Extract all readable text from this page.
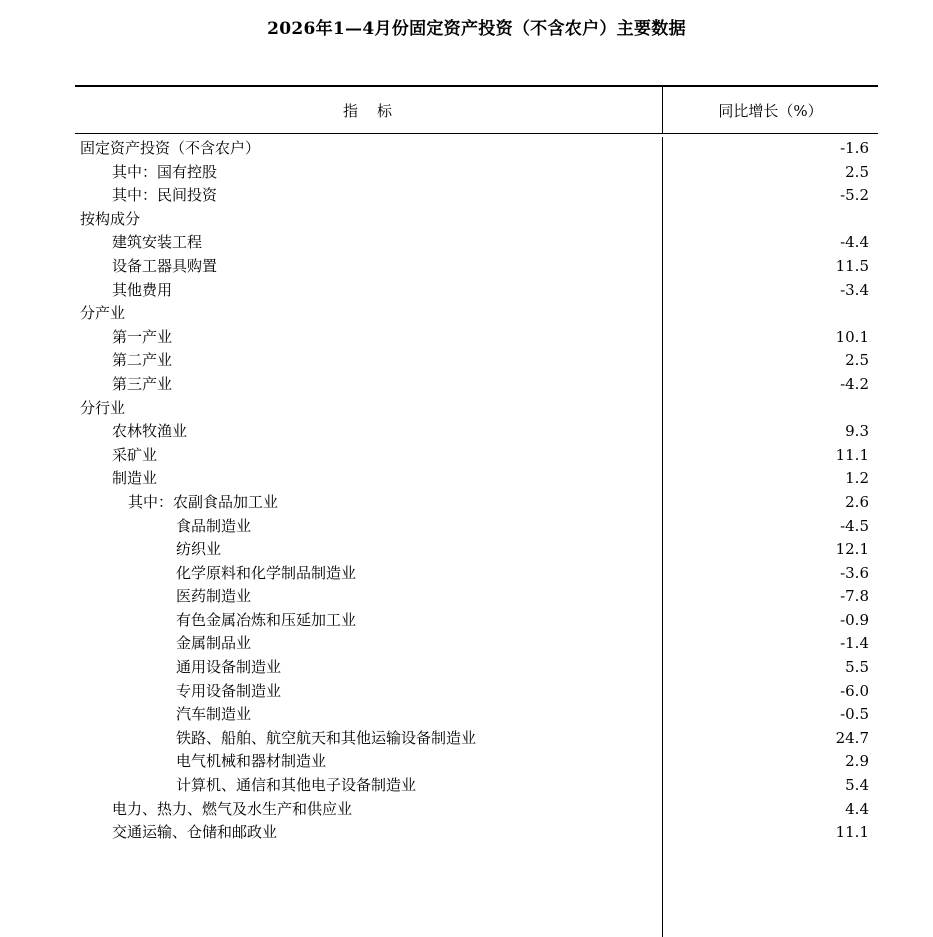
2026年1—4月份固定资产投资（不含农户）主要数据
指　标	同比增长（%）
固定资产投资（不含农户）	-1.6
其中：国有控股	2.5
其中：民间投资	-5.2
按构成分
建筑安装工程	-4.4
设备工器具购置	11.5
其他费用	-3.4
分产业
第一产业	10.1
第二产业	2.5
第三产业	-4.2
分行业
农林牧渔业	9.3
采矿业	11.1
制造业	1.2
其中：农副食品加工业	2.6
食品制造业	-4.5
纺织业	12.1
化学原料和化学制品制造业	-3.6
医药制造业	-7.8
有色金属冶炼和压延加工业	-0.9
金属制品业	-1.4
通用设备制造业	5.5
专用设备制造业	-6.0
汽车制造业	-0.5
铁路、船舶、航空航天和其他运输设备制造业	24.7
电气机械和器材制造业	2.9
计算机、通信和其他电子设备制造业	5.4
电力、热力、燃气及水生产和供应业	4.4
交通运输、仓储和邮政业	11.1
